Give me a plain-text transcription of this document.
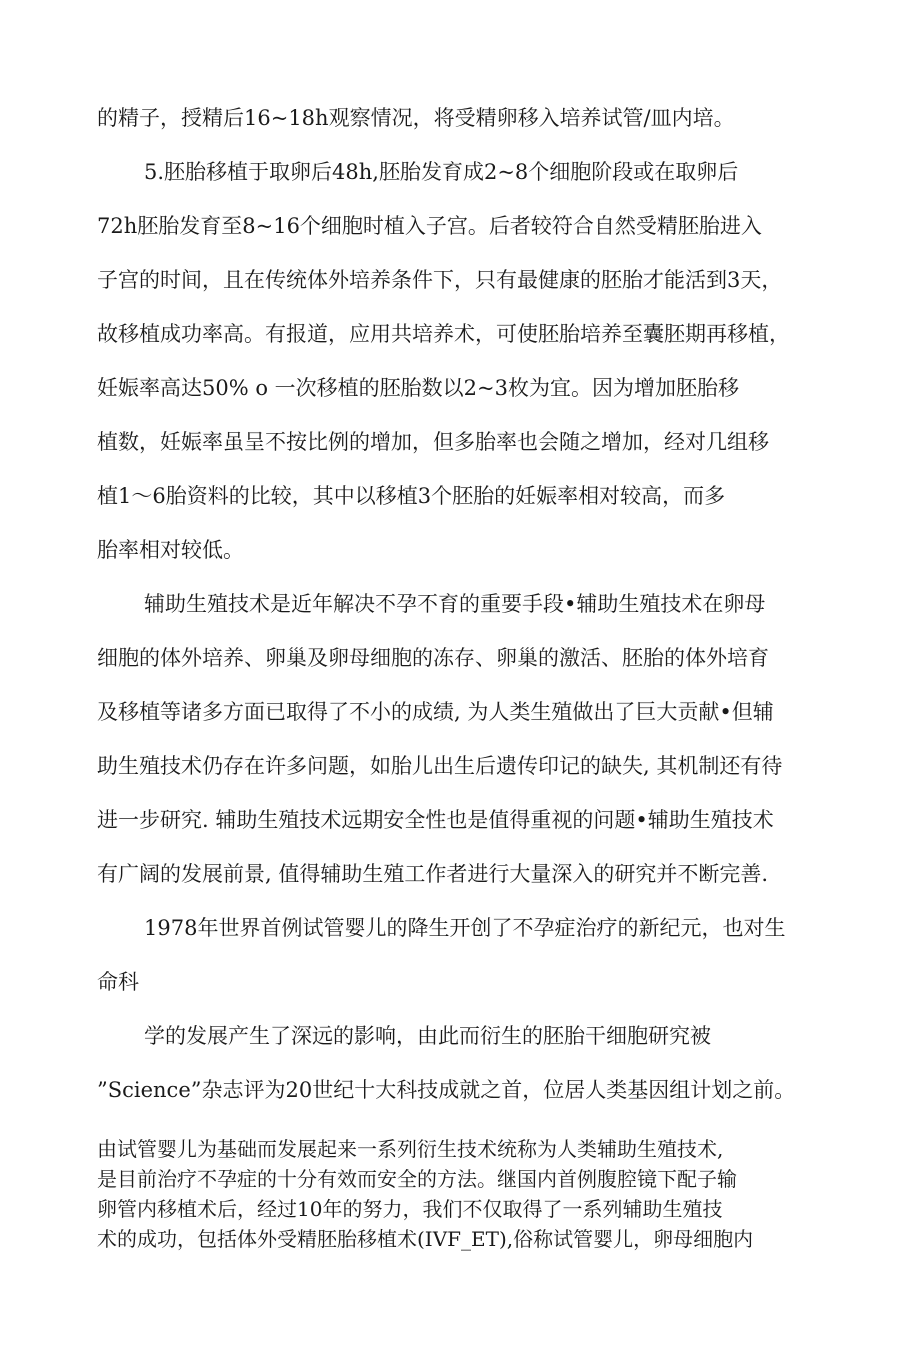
的精子，授精后16~18h观察情况，将受精卵移入培养试管/皿内培。

5.胚胎移植于取卵后48h,胚胎发育成2~8个细胞阶段或在取卵后

72h胚胎发育至8~16个细胞时植入子宫。后者较符合自然受精胚胎进入

子宫的时间，且在传统体外培养条件下，只有最健康的胚胎才能活到3天，

故移植成功率高。有报道，应用共培养术，可使胚胎培养至囊胚期再移植，

妊娠率高达50% o 一次移植的胚胎数以2~3枚为宜。因为增加胚胎移

植数，妊娠率虽呈不按比例的增加，但多胎率也会随之增加，经对几组移

植1～6胎资料的比较，其中以移植3个胚胎的妊娠率相对较高，而多

胎率相对较低。

辅助生殖技术是近年解决不孕不育的重要手段•辅助生殖技术在卵母

细胞的体外培养、卵巢及卵母细胞的冻存、卵巢的激活、胚胎的体外培育

及移植等诸多方面已取得了不小的成绩, 为人类生殖做出了巨大贡献•但辅

助生殖技术仍存在许多问题，如胎儿出生后遗传印记的缺失, 其机制还有待

进一步研究. 辅助生殖技术远期安全性也是值得重视的问题•辅助生殖技术

有广阔的发展前景, 值得辅助生殖工作者进行大量深入的研究并不断完善.

1978年世界首例试管婴儿的降生开创了不孕症治疗的新纪元，也对生

命科

学的发展产生了深远的影响，由此而衍生的胚胎干细胞研究被

”Science”杂志评为20世纪十大科技成就之首，位居人类基因组计划之前。

由试管婴儿为基础而发展起来一系列衍生技术统称为人类辅助生殖技术,

是目前治疗不孕症的十分有效而安全的方法。继国内首例腹腔镜下配子输

卵管内移植术后，经过10年的努力，我们不仅取得了一系列辅助生殖技

术的成功，包括体外受精胚胎移植术(IVF_ET),俗称试管婴儿，卵母细胞内
